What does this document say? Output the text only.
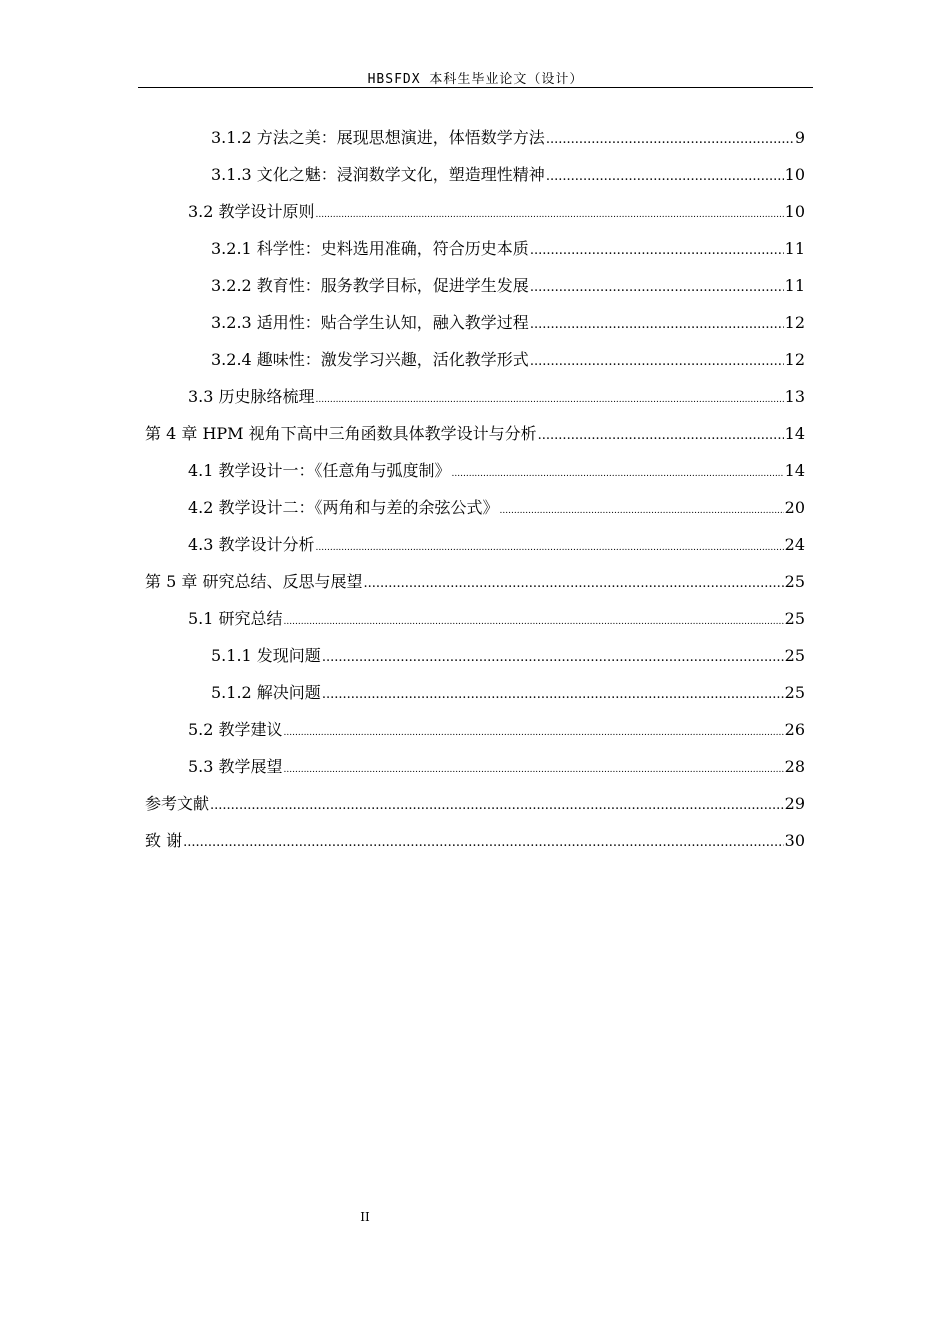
HBSFDX 本科生毕业论文（设计）
3.1.2 方法之美：展现思想演进，体悟数学方法 .....	9
3.1.3 文化之魅：浸润数学文化，塑造理性精神 .....	10
3.2 教学设计原则 .....	10
3.2.1 科学性：史料选用准确，符合历史本质 .....	11
3.2.2 教育性：服务教学目标，促进学生发展 .....	11
3.2.3 适用性：贴合学生认知，融入教学过程 .....	12
3.2.4 趣味性：激发学习兴趣，活化教学形式 .....	12
3.3 历史脉络梳理 .....	13
第 4 章 HPM 视角下高中三角函数具体教学设计与分析 .....	14
4.1 教学设计一：《任意角与弧度制》 .....	14
4.2 教学设计二：《两角和与差的余弦公式》 .....	20
4.3 教学设计分析 .....	24
第 5 章 研究总结、反思与展望 .....	25
5.1 研究总结 .....	25
5.1.1 发现问题 .....	25
5.1.2 解决问题 .....	25
5.2 教学建议 .....	26
5.3 教学展望 .....	28
参考文献 .....	29
致 谢 .....	30
II
